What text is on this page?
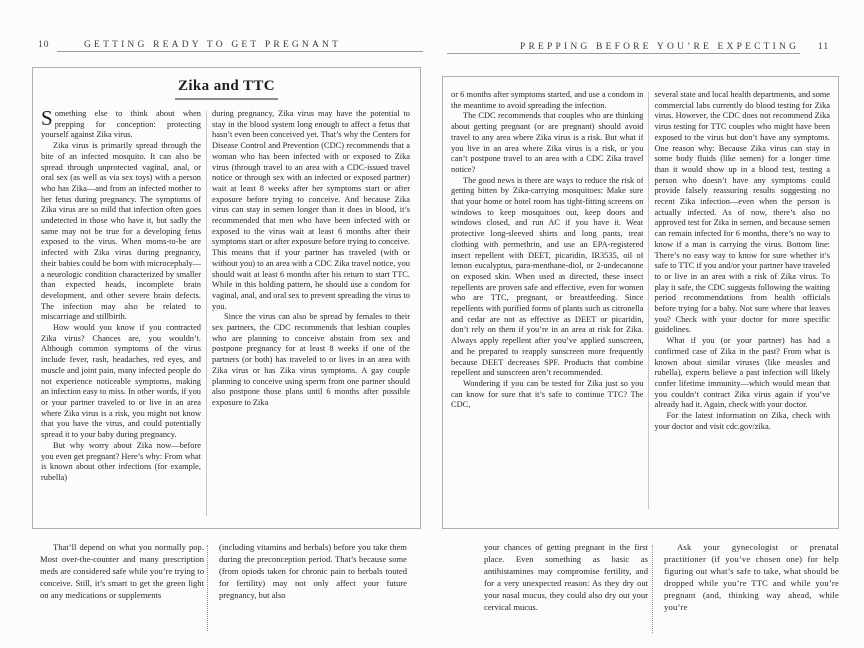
10	GETTING READY TO GET PREGNANT	PREPPING BEFORE YOU’RE EXPECTING 11
Zika and TTC

Something else to think about when prepping for conception: protecting yourself against Zika virus.

Zika virus is primarily spread through the bite of an infected mosquito. It can also be spread through unprotected vaginal, anal, or oral sex (as well as via sex toys) with a person who has Zika—and from an infected mother to her fetus during pregnancy. The symptoms of Zika virus are so mild that infection often goes undetected in those who have it, but sadly the same may not be true for a developing fetus exposed to the virus. When moms-to-be are infected with Zika virus during pregnancy, their babies could be born with microcephaly—a neurologic condition characterized by smaller than expected heads, incomplete brain development, and other severe brain defects. The infection may also be related to miscarriage and stillbirth.

How would you know if you contracted Zika virus? Chances are, you wouldn’t. Although common symptoms of the virus include fever, rash, headaches, red eyes, and muscle and joint pain, many infected people do not experience noticeable symptoms, making an infection easy to miss. In other words, if you or your partner traveled to or live in an area where Zika virus is a risk, you might not know that you have the virus, and could potentially spread it to your baby during pregnancy.

But why worry about Zika now—before you even get pregnant? Here’s why: From what is known about other infections (for example, rubella)

during pregnancy, Zika virus may have the potential to stay in the blood system long enough to affect a fetus that hasn’t even been conceived yet. That’s why the Centers for Disease Control and Prevention (CDC) recommends that a woman who has been infected with or exposed to Zika virus (through travel to an area with a CDC-issued travel notice or through sex with an infected or exposed partner) wait at least 8 weeks after her symptoms start or after exposure before trying to conceive. And because Zika virus can stay in semen longer than it does in blood, it’s recommended that men who have been infected with or exposed to the virus wait at least 6 months after their symptoms start or after exposure before trying to conceive. This means that if your partner has traveled (with or without you) to an area with a CDC Zika travel notice, you should wait at least 6 months after his return to start TTC. While in this holding pattern, he should use a condom for vaginal, anal, and oral sex to prevent spreading the virus to you.

Since the virus can also be spread by females to their sex partners, the CDC recommends that lesbian couples who are planning to conceive abstain from sex and postpone pregnancy for at least 8 weeks if one of the partners (or both) has traveled to or lives in an area with Zika virus or has Zika virus symptoms. A gay couple planning to conceive using sperm from one partner should also postpone those plans until 6 months after possible exposure to Zika

or 6 months after symptoms started, and use a condom in the meantime to avoid spreading the infection.

The CDC recommends that couples who are thinking about getting pregnant (or are pregnant) should avoid travel to any area where Zika virus is a risk. But what if you live in an area where Zika virus is a risk, or you can’t postpone travel to an area with a CDC Zika travel notice?

The good news is there are ways to reduce the risk of getting bitten by Zika-carrying mosquitoes: Make sure that your home or hotel room has tight-fitting screens on windows to keep mosquitoes out, keep doors and windows closed, and run AC if you have it. Wear protective long-sleeved shirts and long pants, treat clothing with permethrin, and use an EPA-registered insect repellent with DEET, picaridin, IR3535, oil of lemon eucalyptus, para-menthane-diol, or 2-undecanone on exposed skin. When used as directed, these insect repellents are proven safe and effective, even for women who are TTC, pregnant, or breastfeeding. Since repellents with purified forms of plants such as citronella and cedar are not as effective as DEET or picaridin, don’t rely on them if you’re in an area at risk for Zika. Always apply repellent after you’ve applied sunscreen, and be prepared to reapply sunscreen more frequently because DEET decreases SPF. Products that combine repellent and sunscreen aren’t recommended.

Wondering if you can be tested for Zika just so you can know for sure that it’s safe to continue TTC? The CDC,

several state and local health departments, and some commercial labs currently do blood testing for Zika virus. However, the CDC does not recommend Zika virus testing for TTC couples who might have been exposed to the virus but don’t have any symptoms. One reason why: Because Zika virus can stay in some body fluids (like semen) for a longer time than it would show up in a blood test, testing a person who doesn’t have any symptoms could provide falsely reassuring results suggesting no recent Zika infection—even when the person is actually infected. As of now, there’s also no approved test for Zika in semen, and because semen can remain infected for 6 months, there’s no way to know if a man is carrying the virus. Bottom line: There’s no easy way to know for sure whether it’s safe to TTC if you and/or your partner have traveled to or live in an area with a risk of Zika virus. To play it safe, the CDC suggests following the waiting period recommendations from health officials before trying for a baby. Not sure where that leaves you? Check with your doctor for more specific guidelines.

What if you (or your partner) has had a confirmed case of Zika in the past? From what is known about similar viruses (like measles and rubella), experts believe a past infection will likely confer lifetime immunity—which would mean that you couldn’t contract Zika virus again if you’ve already had it. Again, check with your doctor.

For the latest information on Zika, check with your doctor and visit cdc.gov/zika.

That’ll depend on what you normally pop. Most over-the-counter and many prescription meds are considered safe while you’re trying to conceive. Still, it’s smart to get the green light on any medications or supplements

(including vitamins and herbals) before you take them during the preconception period. That’s because some (from opiods taken for chronic pain to herbals touted for fertility) may not only affect your future pregnancy, but also

your chances of getting pregnant in the first place. Even something as basic as antihistamines may compromise fertility, and for a very unexpected reason: As they dry out your nasal mucus, they could also dry out your cervical mucus.

Ask your gynecologist or prenatal practitioner (if you’ve chosen one) for help figuring out what’s safe to take, what should be dropped while you’re TTC and while you’re pregnant (and, thinking way ahead, while you’re
